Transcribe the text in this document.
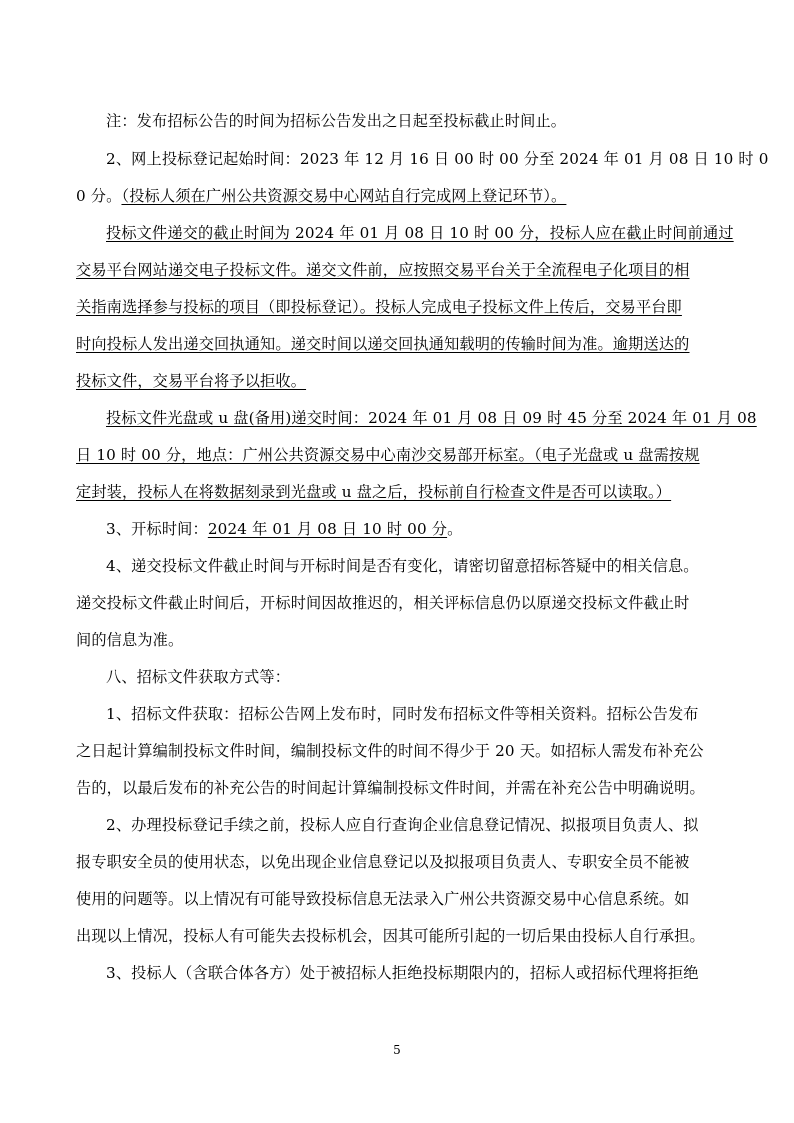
注：发布招标公告的时间为招标公告发出之日起至投标截止时间止。
2、网上投标登记起始时间：2023 年 12 月 16 日 00 时 00 分至 2024 年 01 月 08 日 10 时 0
0 分。（投标人须在广州公共资源交易中心网站自行完成网上登记环节）。
投标文件递交的截止时间为 2024 年 01 月 08 日 10 时 00 分，投标人应在截止时间前通过
交易平台网站递交电子投标文件。递交文件前，应按照交易平台关于全流程电子化项目的相
关指南选择参与投标的项目（即投标登记）。投标人完成电子投标文件上传后，交易平台即
时向投标人发出递交回执通知。递交时间以递交回执通知载明的传输时间为准。逾期送达的
投标文件，交易平台将予以拒收。
投标文件光盘或 u 盘(备用)递交时间：2024 年 01 月 08 日 09 时 45 分至 2024 年 01 月 08
日 10 时 00 分，地点：广州公共资源交易中心南沙交易部开标室。（电子光盘或 u 盘需按规
定封装，投标人在将数据刻录到光盘或 u 盘之后，投标前自行检查文件是否可以读取。）
3、开标时间：2024 年 01 月 08 日 10 时 00 分。
4、递交投标文件截止时间与开标时间是否有变化，请密切留意招标答疑中的相关信息。
递交投标文件截止时间后，开标时间因故推迟的，相关评标信息仍以原递交投标文件截止时
间的信息为准。
八、招标文件获取方式等：
1、招标文件获取：招标公告网上发布时，同时发布招标文件等相关资料。招标公告发布
之日起计算编制投标文件时间，编制投标文件的时间不得少于 20 天。如招标人需发布补充公
告的，以最后发布的补充公告的时间起计算编制投标文件时间，并需在补充公告中明确说明。
2、办理投标登记手续之前，投标人应自行查询企业信息登记情况、拟报项目负责人、拟
报专职安全员的使用状态，以免出现企业信息登记以及拟报项目负责人、专职安全员不能被
使用的问题等。以上情况有可能导致投标信息无法录入广州公共资源交易中心信息系统。如
出现以上情况，投标人有可能失去投标机会，因其可能所引起的一切后果由投标人自行承担。
3、投标人（含联合体各方）处于被招标人拒绝投标期限内的，招标人或招标代理将拒绝
5
